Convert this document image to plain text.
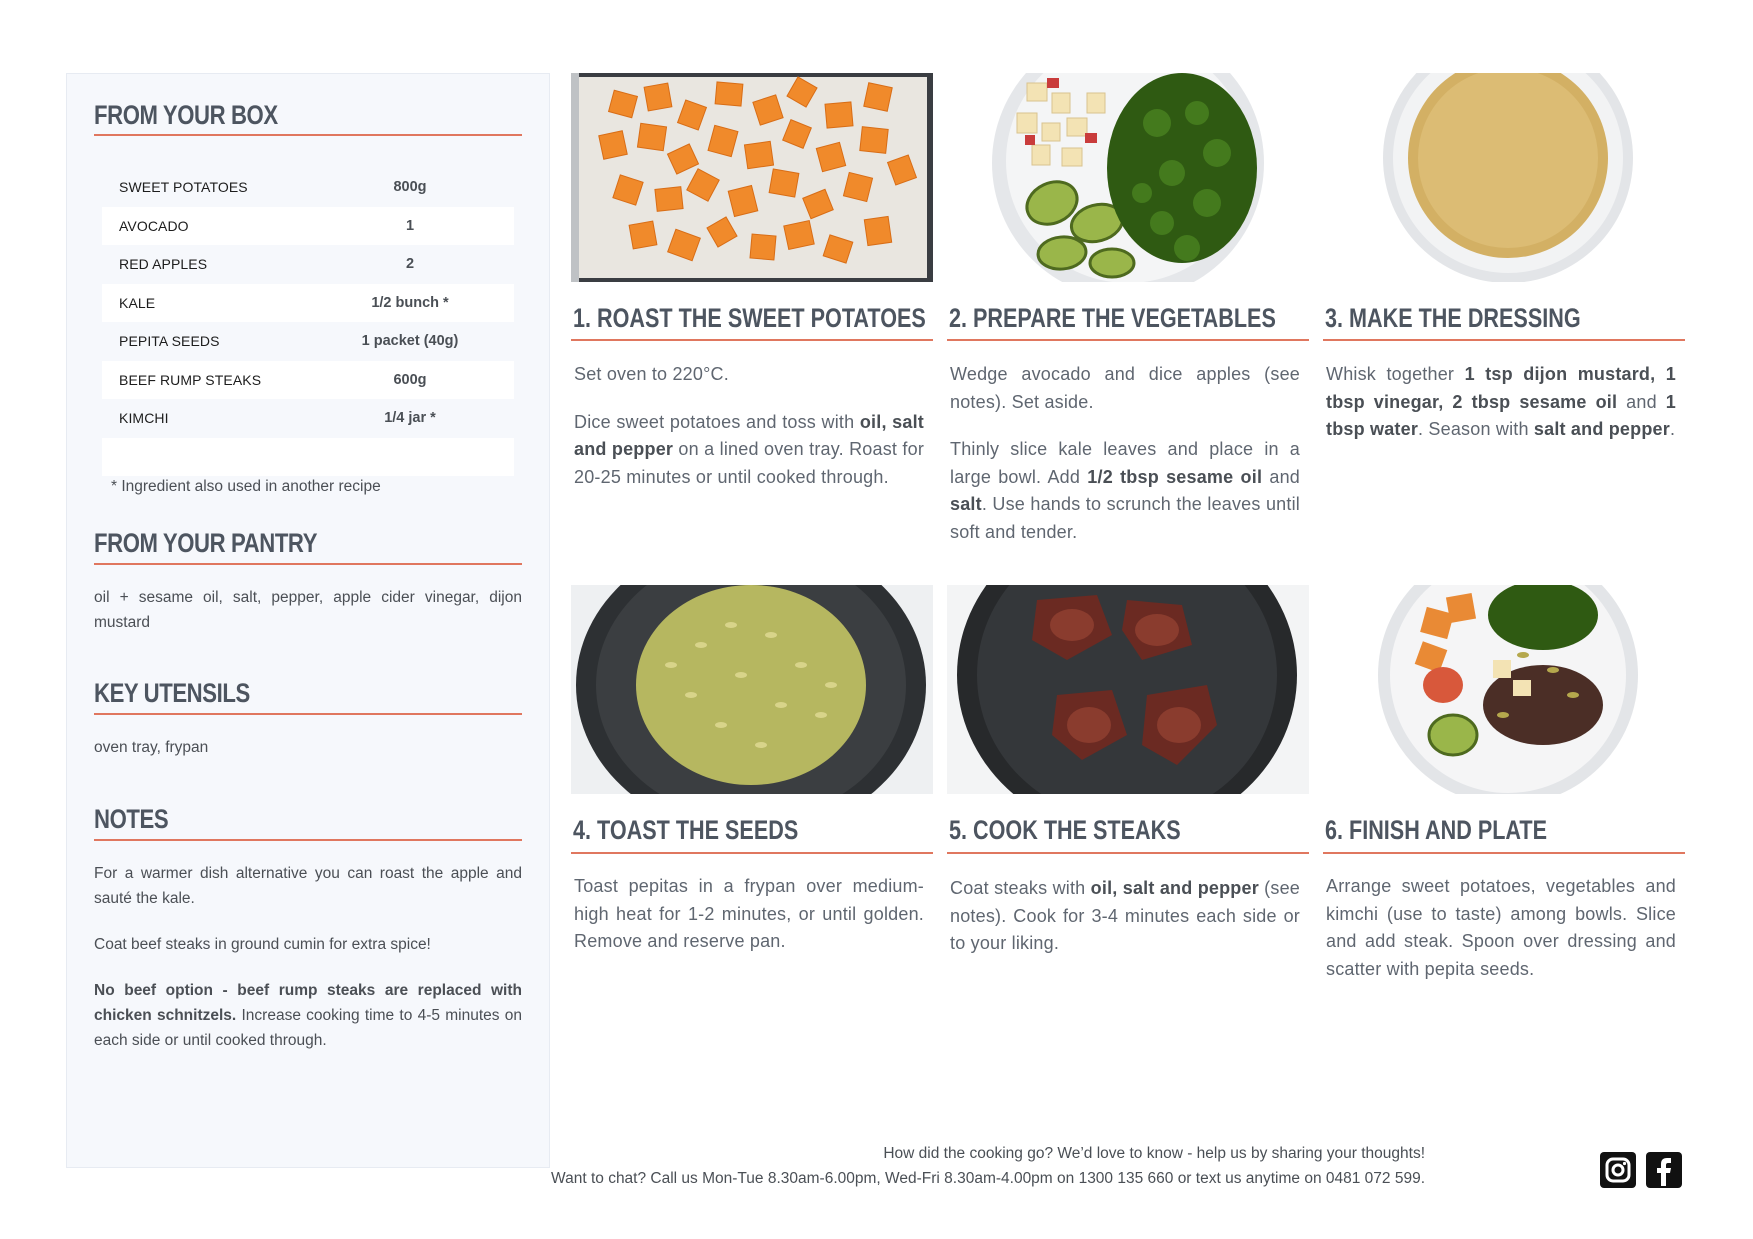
FROM YOUR BOX
SWEET POTATOES	800g
AVOCADO	1
RED APPLES	2
KALE	1/2 bunch *
PEPITA SEEDS	1 packet (40g)
BEEF RUMP STEAKS	600g
KIMCHI	1/4 jar *
* Ingredient also used in another recipe
FROM YOUR PANTRY
oil + sesame oil, salt, pepper, apple cider vinegar, dijon mustard
KEY UTENSILS
oven tray, frypan
NOTES
For a warmer dish alternative you can roast the apple and sauté the kale.
Coat beef steaks in ground cumin for extra spice!
No beef option - beef rump steaks are replaced with chicken schnitzels. Increase cooking time to 4-5 minutes on each side or until cooked through.
1. ROAST THE SWEET POTATOES 2. PREPARE THE VEGETABLES 3. MAKE THE DRESSING

Set oven to 220°C.

Dice sweet potatoes and toss with oil, salt and pepper on a lined oven tray. Roast for 20-25 minutes or until cooked through.

Wedge avocado and dice apples (see notes). Set aside.

Thinly slice kale leaves and place in a large bowl. Add 1/2 tbsp sesame oil and salt. Use hands to scrunch the leaves until soft and tender.

Whisk together 1 tsp dijon mustard, 1 tbsp vinegar, 2 tbsp sesame oil and 1 tbsp water. Season with salt and pepper.

4. TOAST THE SEEDS	5. COOK THE STEAKS	6. FINISH AND PLATE

Toast pepitas in a frypan over medium-high heat for 1-2 minutes, or until golden. Remove and reserve pan.

Coat steaks with oil, salt and pepper (see notes). Cook for 3-4 minutes each side or to your liking.

Arrange sweet potatoes, vegetables and kimchi (use to taste) among bowls. Slice and add steak. Spoon over dressing and scatter with pepita seeds.

How did the cooking go? We’d love to know - help us by sharing your thoughts!
Want to chat? Call us Mon-Tue 8.30am-6.00pm, Wed-Fri 8.30am-4.00pm on 1300 135 660 or text us anytime on 0481 072 599.
